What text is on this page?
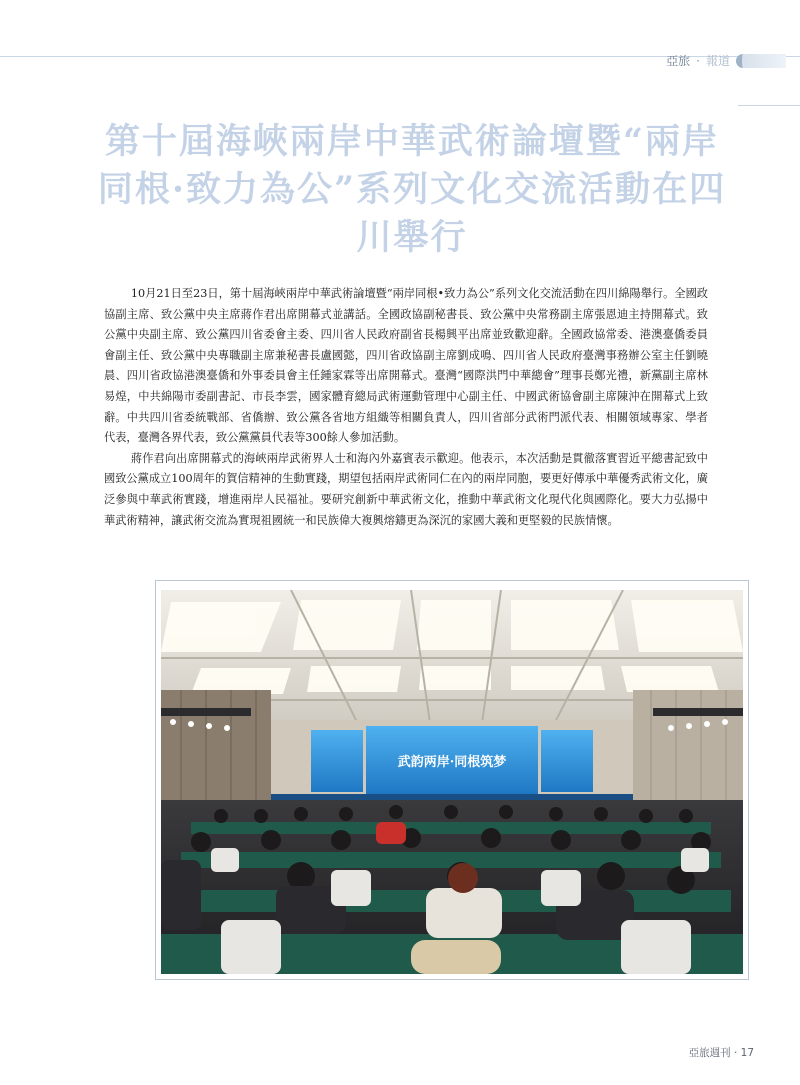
亞旅 · 報道
第十屆海峽兩岸中華武術論壇暨“兩岸同根·致力為公”系列文化交流活動在四川舉行

10月21日至23日，第十屆海峽兩岸中華武術論壇暨“兩岸同根•致力為公”系列文化交流活動在四川綿陽舉行。全國政協副主席、致公黨中央主席蔣作君出席開幕式並講話。全國政協副秘書長、致公黨中央常務副主席張恩迪主持開幕式。致公黨中央副主席、致公黨四川省委會主委、四川省人民政府副省長楊興平出席並致歡迎辭。全國政協常委、港澳臺僑委員會副主任、致公黨中央專職副主席兼秘書長盧國懿，四川省政協副主席劉成鳴、四川省人民政府臺灣事務辦公室主任劉曉晨、四川省政協港澳臺僑和外事委員會主任鍾家霖等出席開幕式。臺灣“國際洪門中華總會”理事長鄭光禮，新黨副主席林易煌，中共綿陽市委副書記、市長李雲，國家體育總局武術運動管理中心副主任、中國武術協會副主席陳沖在開幕式上致辭。中共四川省委統戰部、省僑辦、致公黨各省地方組織等相關負責人，四川省部分武術門派代表、相關領域專家、學者代表，臺灣各界代表，致公黨黨員代表等300餘人參加活動。

蔣作君向出席開幕式的海峽兩岸武術界人士和海內外嘉賓表示歡迎。他表示，本次活動是貫徹落實習近平總書記致中國致公黨成立100周年的賀信精神的生動實踐，期望包括兩岸武術同仁在內的兩岸同胞，要更好傳承中華優秀武術文化，廣泛參與中華武術實踐，增進兩岸人民福祉。要研究創新中華武術文化，推動中華武術文化現代化與國際化。要大力弘揚中華武術精神，讓武術交流為實現祖國統一和民族偉大複興熔鑄更為深沉的家國大義和更堅毅的民族情懷。

武韵两岸·同根筑梦
亞旅週刊 · 17
